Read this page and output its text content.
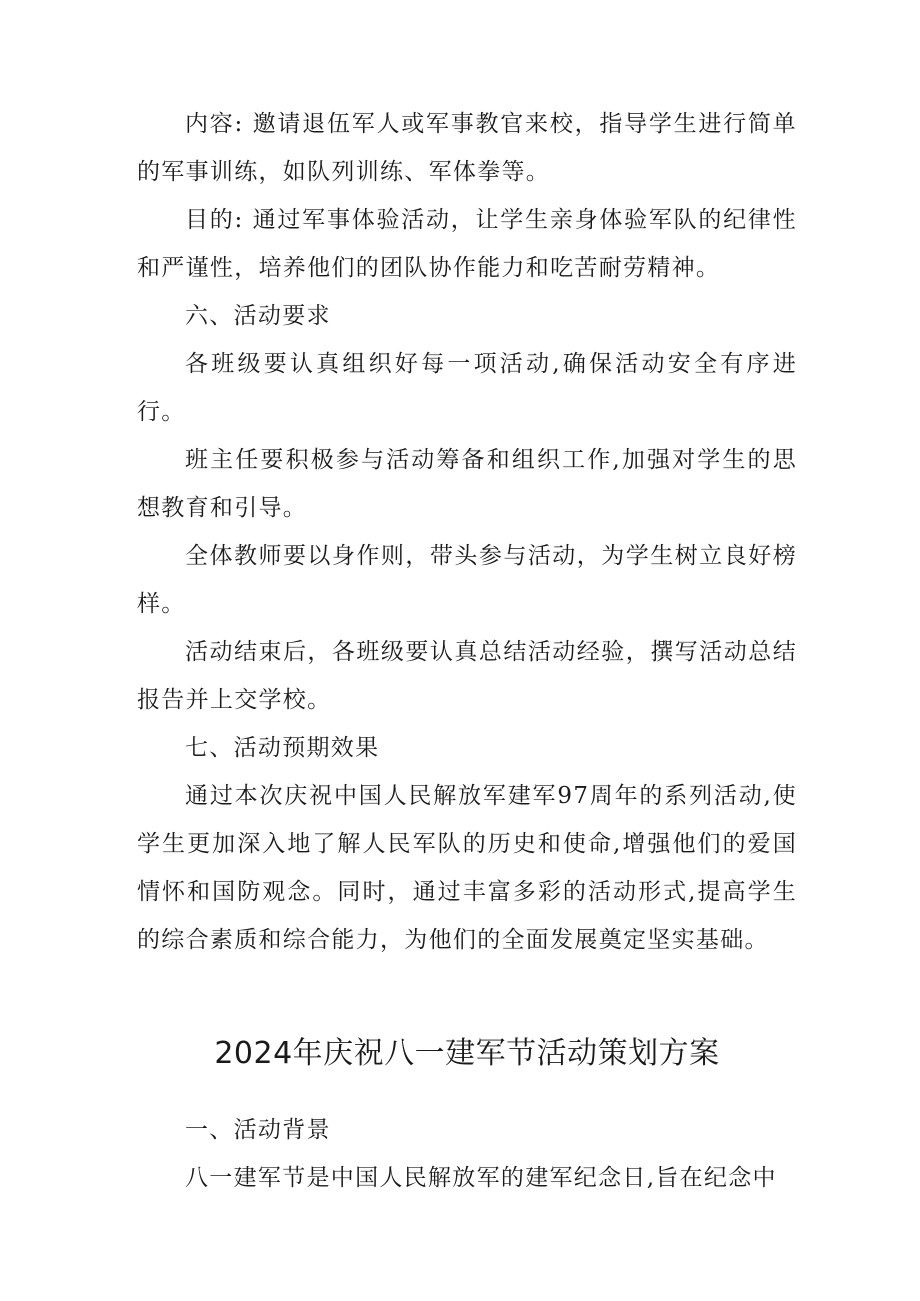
内容: 邀请退伍军人或军事教官来校，指导学生进行简单的军事训练，如队列训练、军体拳等。

目的: 通过军事体验活动，让学生亲身体验军队的纪律性和严谨性，培养他们的团队协作能力和吃苦耐劳精神。

六、活动要求

各班级要认真组织好每一项活动,确保活动安全有序进行。

班主任要积极参与活动筹备和组织工作,加强对学生的思想教育和引导。

全体教师要以身作则，带头参与活动，为学生树立良好榜样。

活动结束后，各班级要认真总结活动经验，撰写活动总结报告并上交学校。

七、活动预期效果

通过本次庆祝中国人民解放军建军97周年的系列活动,使学生更加深入地了解人民军队的历史和使命,增强他们的爱国情怀和国防观念。同时，通过丰富多彩的活动形式,提高学生的综合素质和综合能力，为他们的全面发展奠定坚实基础。

2024年庆祝八一建军节活动策划方案

一、活动背景

八一建军节是中国人民解放军的建军纪念日,旨在纪念中
